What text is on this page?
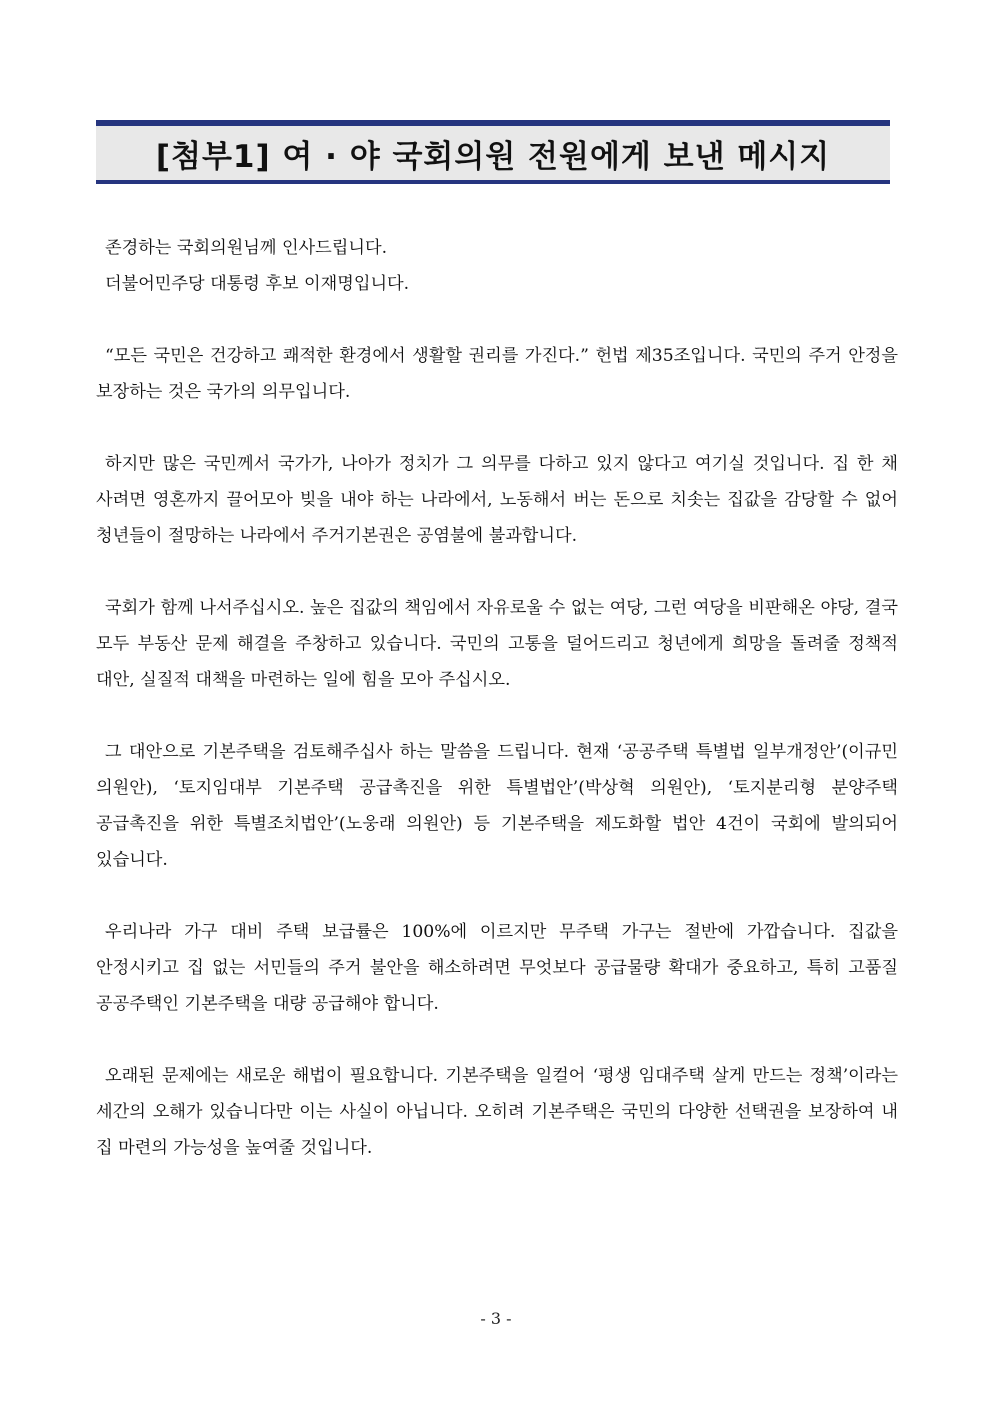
[첨부1] 여 · 야 국회의원 전원에게 보낸 메시지

존경하는 국회의원님께 인사드립니다.

더불어민주당 대통령 후보 이재명입니다.

“모든 국민은 건강하고 쾌적한 환경에서 생활할 권리를 가진다.” 헌법 제35조입니다. 국민의 주거 안정을 보장하는 것은 국가의 의무입니다.

하지만 많은 국민께서 국가가, 나아가 정치가 그 의무를 다하고 있지 않다고 여기실 것입니다. 집 한 채 사려면 영혼까지 끌어모아 빚을 내야 하는 나라에서, 노동해서 버는 돈으로 치솟는 집값을 감당할 수 없어 청년들이 절망하는 나라에서 주거기본권은 공염불에 불과합니다.

국회가 함께 나서주십시오. 높은 집값의 책임에서 자유로울 수 없는 여당, 그런 여당을 비판해온 야당, 결국 모두 부동산 문제 해결을 주창하고 있습니다. 국민의 고통을 덜어드리고 청년에게 희망을 돌려줄 정책적 대안, 실질적 대책을 마련하는 일에 힘을 모아 주십시오.

그 대안으로 기본주택을 검토해주십사 하는 말씀을 드립니다. 현재 ‘공공주택 특별법 일부개정안’(이규민 의원안), ‘토지임대부 기본주택 공급촉진을 위한 특별법안’(박상혁 의원안), ‘토지분리형 분양주택 공급촉진을 위한 특별조치법안’(노웅래 의원안) 등 기본주택을 제도화할 법안 4건이 국회에 발의되어 있습니다.

우리나라 가구 대비 주택 보급률은 100%에 이르지만 무주택 가구는 절반에 가깝습니다. 집값을 안정시키고 집 없는 서민들의 주거 불안을 해소하려면 무엇보다 공급물량 확대가 중요하고, 특히 고품질 공공주택인 기본주택을 대량 공급해야 합니다.

오래된 문제에는 새로운 해법이 필요합니다. 기본주택을 일컬어 ‘평생 임대주택 살게 만드는 정책’이라는 세간의 오해가 있습니다만 이는 사실이 아닙니다. 오히려 기본주택은 국민의 다양한 선택권을 보장하여 내 집 마련의 가능성을 높여줄 것입니다.

- 3 -
